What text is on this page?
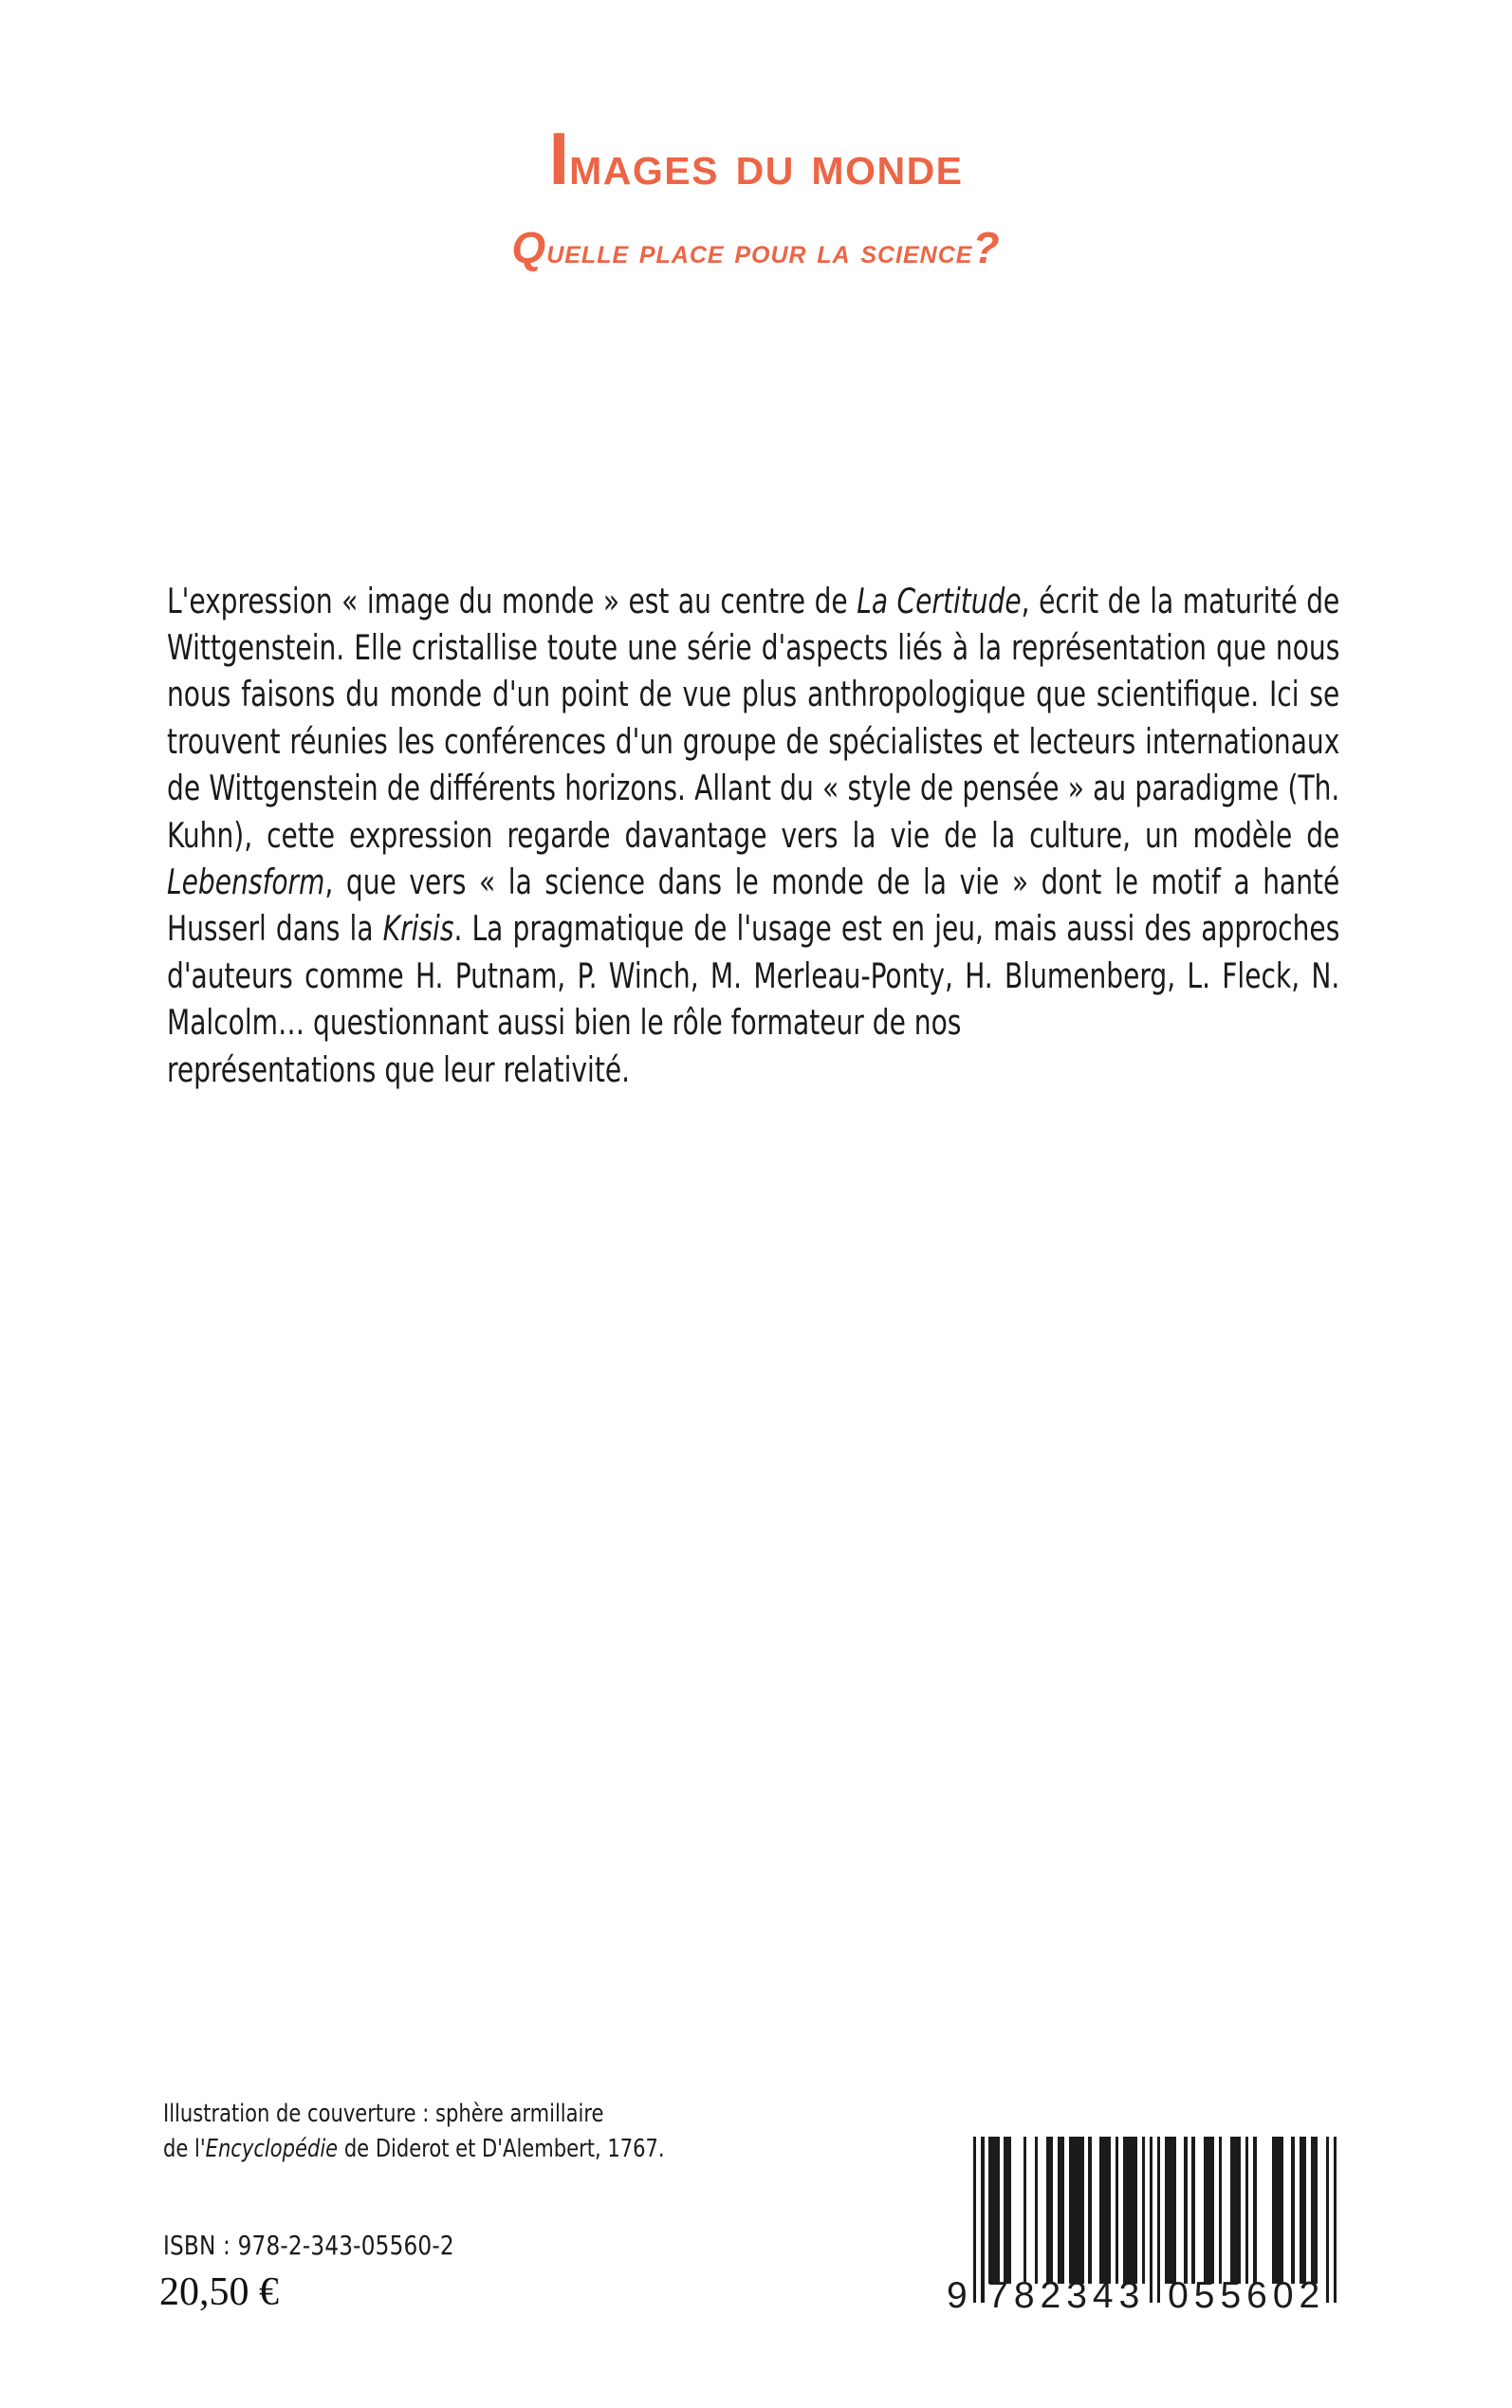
Images du monde
Quelle place pour la science?

L'expression « image du monde » est au centre de La Certitude, écrit de la maturité de Wittgenstein. Elle cristallise toute une série d'aspects liés à la représentation que nous nous faisons du monde d'un point de vue plus anthropologique que scientifique. Ici se trouvent réunies les conférences d'un groupe de spécialistes et lecteurs internationaux de Wittgenstein de différents horizons. Allant du « style de pensée » au paradigme (Th. Kuhn), cette expression regarde davantage vers la vie de la culture, un modèle de Lebensform, que vers « la science dans le monde de la vie » dont le motif a hanté Husserl dans la Krisis. La pragmatique de l'usage est en jeu, mais aussi des approches d'auteurs comme H. Putnam, P. Winch, M. Merleau-Ponty, H. Blumenberg, L. Fleck, N. Malcolm… questionnant aussi bien le rôle formateur de nos
représentations que leur relativité.

Illustration de couverture : sphère armillaire
de l'Encyclopédie de Diderot et D'Alembert, 1767.
ISBN : 978-2-343-05560-2
20,50 €	9 782343 055602
